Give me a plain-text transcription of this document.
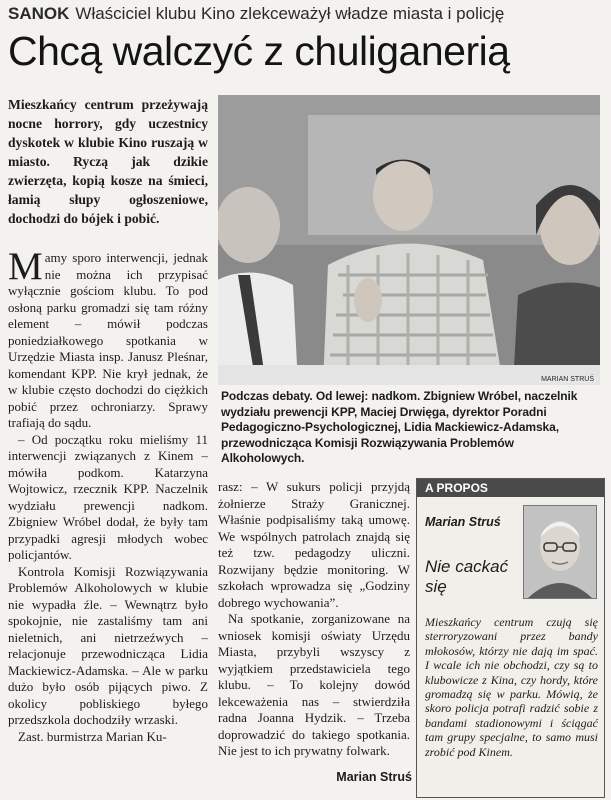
SANOK Właściciel klubu Kino zlekceważył władze miasta i policję
Chcą walczyć z chuliganerią

Mieszkańcy centrum przeżywają nocne horrory, gdy uczestnicy dyskotek w klubie Kino ruszają w miasto. Ryczą jak dzikie zwierzęta, kopią kosze na śmieci, łamią słupy ogłoszeniowe, dochodzi do bójek i pobić.

Mamy sporo interwencji, jednak nie można ich przypisać wyłącznie gościom klubu. To pod osłoną parku gromadzi się tam różny element – mówił podczas poniedziałkowego spotkania w Urzędzie Miasta insp. Janusz Pleśnar, komendant KPP. Nie krył jednak, że w klubie często dochodzi do ciężkich pobić przez ochroniarzy. Sprawy trafiają do sądu.

– Od początku roku mieliśmy 11 interwencji związanych z Kinem – mówiła podkom. Katarzyna Wojtowicz, rzecznik KPP. Naczelnik wydziału prewencji nadkom. Zbigniew Wróbel dodał, że były tam przypadki agresji młodych wobec policjantów.

Kontrola Komisji Rozwiązywania Problemów Alkoholowych w klubie nie wypadła źle. – Wewnątrz było spokojnie, nie zastaliśmy tam ani nieletnich, ani nietrzeźwych – relacjonuje przewodnicząca Lidia Mackiewicz-Adamska. – Ale w parku dużo było osób pijących piwo. Z okolicy pobliskiego byłego przedszkola dochodziły wrzaski.

Zast. burmistrza Marian Ku-

rasz: – W sukurs policji przyjdą żołnierze Straży Granicznej. Właśnie podpisaliśmy taką umowę. We wspólnych patrolach znajdą się też tzw. pedagodzy uliczni. Rozwijany będzie monitoring. W szkołach wprowadza się „Godziny dobrego wychowania”.

Na spotkanie, zorganizowane na wniosek komisji oświaty Urzędu Miasta, przybyli wszyscy z wyjątkiem przedstawiciela tego klubu. – To kolejny dowód lekceważenia nas – stwierdziła radna Joanna Hydzik. – Trzeba doprowadzić do takiego spotkania. Nie jest to ich prywatny folwark.

MARIAN STRUŚ

Podczas debaty. Od lewej: nadkom. Zbigniew Wróbel, naczelnik wydziału prewencji KPP, Maciej Drwięga, dyrektor Poradni Pedagogiczno-Psychologicznej, Lidia Mackiewicz-Adamska, przewodnicząca Komisji Rozwiązywania Problemów Alkoholowych.

Marian Struś
A PROPOS
Marian Struś
Nie cackać się

Mieszkańcy centrum czują się sterroryzowani przez bandy młokosów, którzy nie dają im spać. I wcale ich nie obchodzi, czy są to klubowicze z Kina, czy hordy, które gromadzą się w parku. Mówią, że skoro policja potrafi radzić sobie z bandami stadionowymi i ściągać tam grupy specjalne, to samo musi zrobić pod Kinem.
